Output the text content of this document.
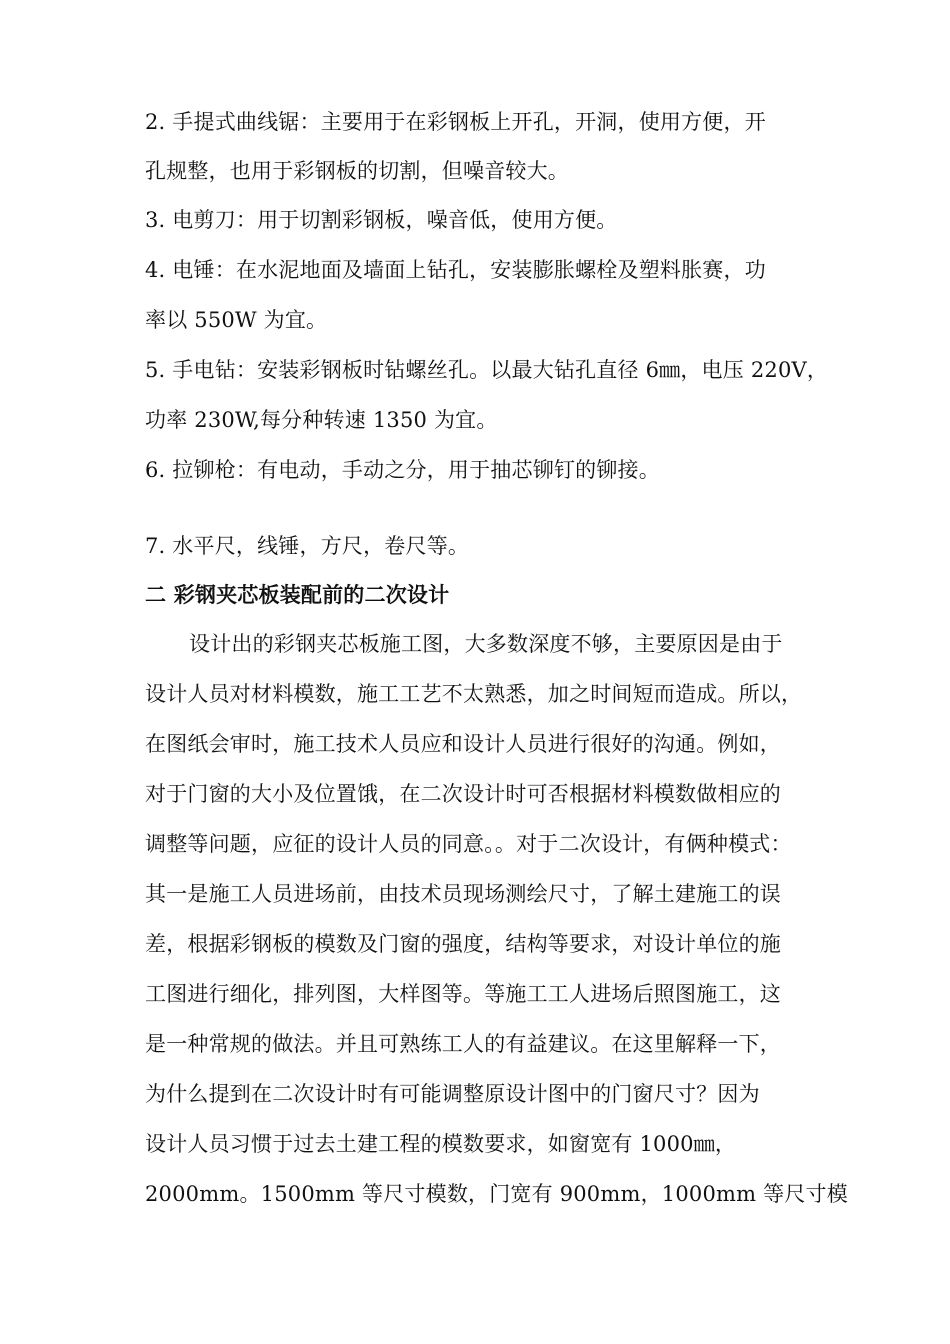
2. 手提式曲线锯：主要用于在彩钢板上开孔，开洞，使用方便，开
孔规整，也用于彩钢板的切割，但噪音较大。
3. 电剪刀：用于切割彩钢板，噪音低，使用方便。
4. 电锤：在水泥地面及墙面上钻孔，安装膨胀螺栓及塑料胀赛，功
率以 550W 为宜。
5. 手电钻：安装彩钢板时钻螺丝孔。以最大钻孔直径 6㎜，电压 220V，
功率 230W,每分种转速 1350 为宜。
6. 拉铆枪：有电动，手动之分，用于抽芯铆钉的铆接。
7. 水平尺，线锤，方尺，卷尺等。
二 彩钢夹芯板装配前的二次设计
设计出的彩钢夹芯板施工图，大多数深度不够，主要原因是由于
设计人员对材料模数，施工工艺不太熟悉，加之时间短而造成。所以，
在图纸会审时，施工技术人员应和设计人员进行很好的沟通。例如，
对于门窗的大小及位置饿，在二次设计时可否根据材料模数做相应的
调整等问题，应征的设计人员的同意。。对于二次设计，有俩种模式：
其一是施工人员进场前，由技术员现场测绘尺寸，了解土建施工的误
差，根据彩钢板的模数及门窗的强度，结构等要求，对设计单位的施
工图进行细化，排列图，大样图等。等施工工人进场后照图施工，这
是一种常规的做法。并且可熟练工人的有益建议。在这里解释一下，
为什么提到在二次设计时有可能调整原设计图中的门窗尺寸？因为
设计人员习惯于过去土建工程的模数要求，如窗宽有 1000㎜，
2000mm。1500mm 等尺寸模数，门宽有 900mm，1000mm 等尺寸模
